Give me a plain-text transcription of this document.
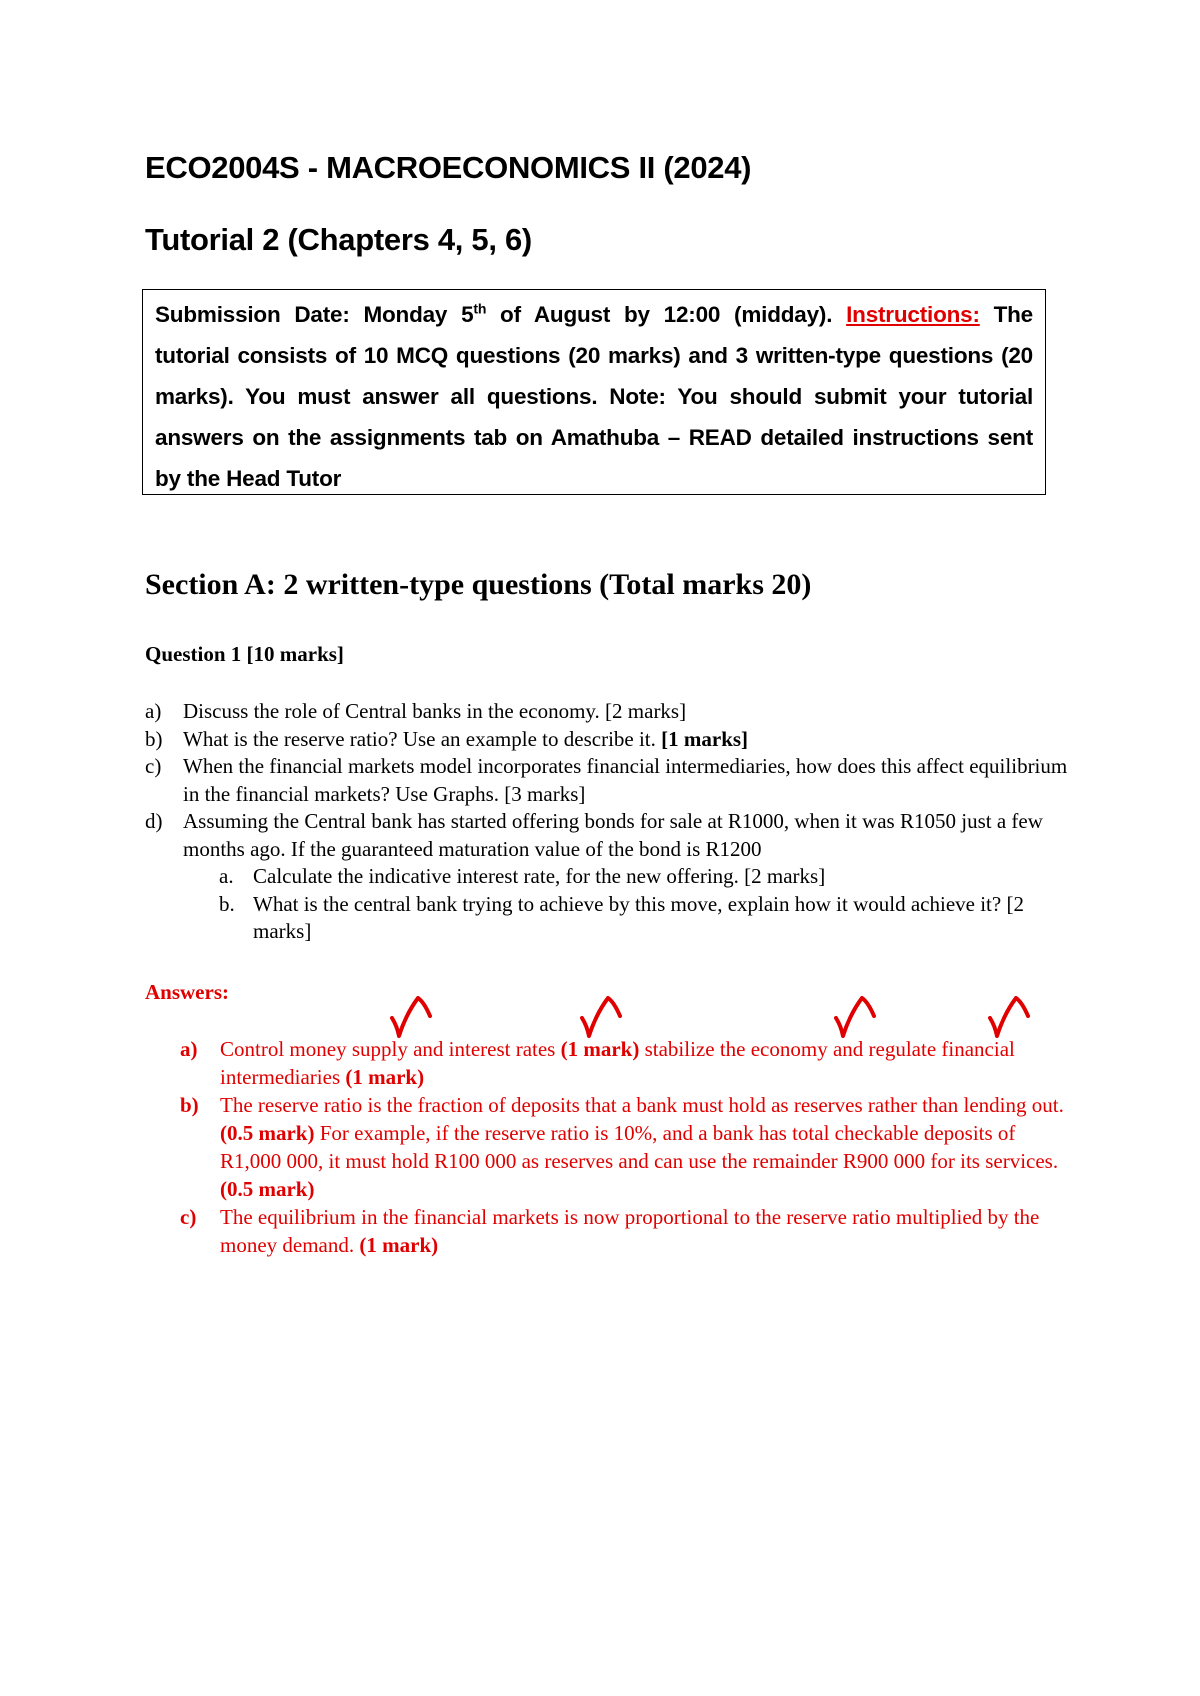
ECO2004S - MACROECONOMICS II (2024)
Tutorial 2 (Chapters 4, 5, 6)
Submission Date: Monday 5th of August by 12:00 (midday). Instructions: The tutorial consists of 10 MCQ questions (20 marks) and 3 written-type questions (20 marks). You must answer all questions. Note: You should submit your tutorial answers on the assignments tab on Amathuba – READ detailed instructions sent by the Head Tutor
Section A: 2 written-type questions (Total marks 20)
Question 1 [10 marks]
a)	Discuss the role of Central banks in the economy. [2 marks]
b) What is the reserve ratio? Use an example to describe it. [1 marks]
c)	When the financial markets model incorporates financial intermediaries, how does this affect equilibrium in the financial markets? Use Graphs. [3 marks]
d) Assuming the Central bank has started offering bonds for sale at R1000, when it was R1050 just a few months ago. If the guaranteed maturation value of the bond is R1200
a. Calculate the indicative interest rate, for the new offering. [2 marks]
b. What is the central bank trying to achieve by this move, explain how it would achieve it? [2 marks]
Answers:
a)	Control money supply and interest rates (1 mark) stabilize the economy and regulate financial intermediaries (1 mark)
b)	The reserve ratio is the fraction of deposits that a bank must hold as reserves rather than lending out. (0.5 mark) For example, if the reserve ratio is 10%, and a bank has total checkable deposits of R1,000 000, it must hold R100 000 as reserves and can use the remainder R900 000 for its services. (0.5 mark)
c)	The equilibrium in the financial markets is now proportional to the reserve ratio multiplied by the money demand. (1 mark)
